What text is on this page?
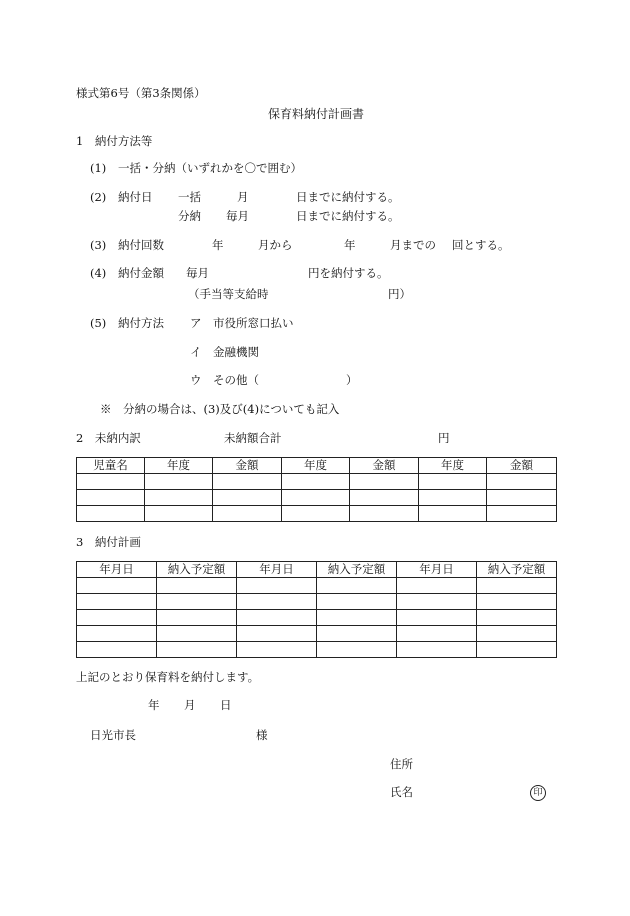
様式第6号（第3条関係）
保育料納付計画書
1　納付方法等
(1) 一括・分納（いずれかを〇で囲む）
(2) 納付日 一括	月	日までに納付する。
分納 毎月	日までに納付する。
(3) 納付回数	年	月から	年	月までの 回とする。
(4) 納付金額 毎月	円を納付する。
（手当等支給時	円）
(5) 納付方法 ア　市役所窓口払い
イ　金融機関
ウ　その他（	）
※　分納の場合は、(3)及び(4)についても記入
2　未納内訳	未納額合計	円
児童名	年度	金額	年度	金額	年度	金額

3　納付計画
年月日	納入予定額	年月日	納入予定額	年月日	納入予定額

上記のとおり保育料を納付します。
年 月 日
日光市長	様
住所
氏名	印
